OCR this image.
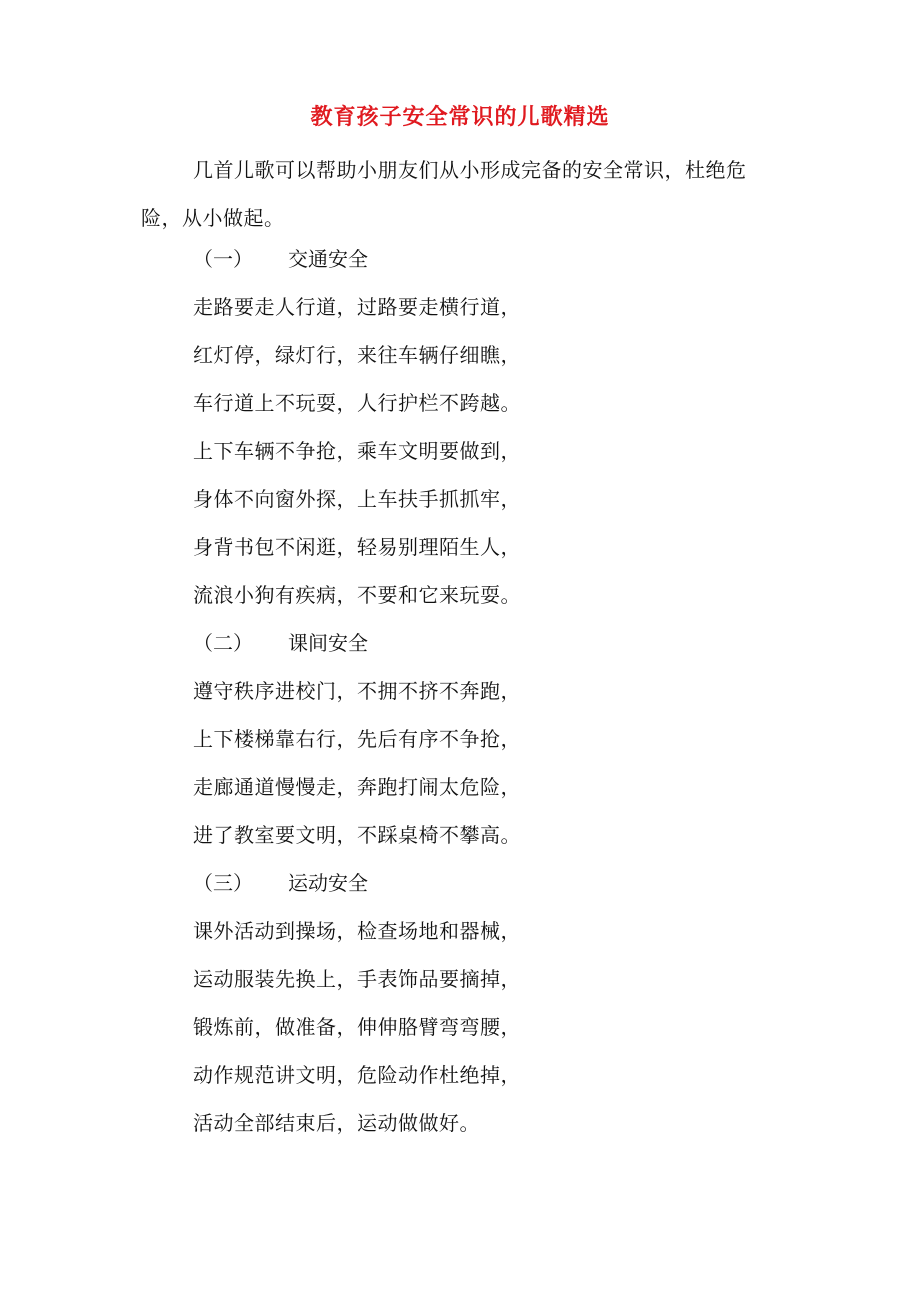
教育孩子安全常识的儿歌精选
几首儿歌可以帮助小朋友们从小形成完备的安全常识，杜绝危险，从小做起。
（一） 交通安全
走路要走人行道，过路要走横行道，
红灯停，绿灯行，来往车辆仔细瞧，
车行道上不玩耍，人行护栏不跨越。
上下车辆不争抢，乘车文明要做到，
身体不向窗外探，上车扶手抓抓牢，
身背书包不闲逛，轻易别理陌生人，
流浪小狗有疾病，不要和它来玩耍。
（二） 课间安全
遵守秩序进校门，不拥不挤不奔跑，
上下楼梯靠右行，先后有序不争抢，
走廊通道慢慢走，奔跑打闹太危险，
进了教室要文明，不踩桌椅不攀高。
（三） 运动安全
课外活动到操场，检查场地和器械，
运动服装先换上，手表饰品要摘掉，
锻炼前，做准备，伸伸胳臂弯弯腰，
动作规范讲文明，危险动作杜绝掉，
活动全部结束后，运动做做好。
